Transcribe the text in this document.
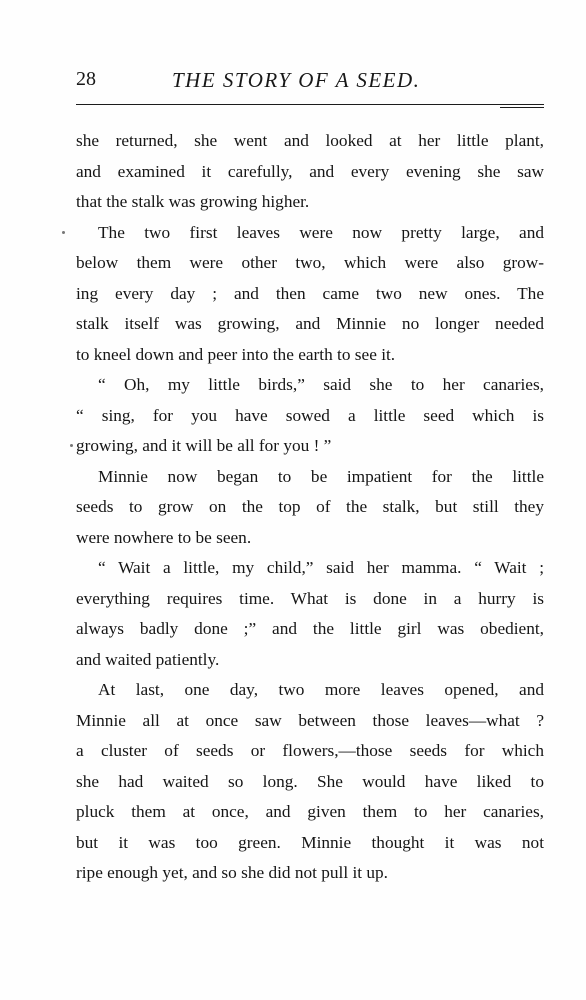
28	THE STORY OF A SEED.
she returned, she went and looked at her little plant,
and examined it carefully, and every evening she saw
that the stalk was growing higher.
The two first leaves were now pretty large, and
below them were other two, which were also grow-
ing every day ; and then came two new ones. The
stalk itself was growing, and Minnie no longer needed
to kneel down and peer into the earth to see it.
“ Oh, my little birds,” said she to her canaries,
“ sing, for you have sowed a little seed which is
growing, and it will be all for you ! ”
Minnie now began to be impatient for the little
seeds to grow on the top of the stalk, but still they
were nowhere to be seen.
“ Wait a little, my child,” said her mamma. “ Wait ;
everything requires time. What is done in a hurry is
always badly done ;” and the little girl was obedient,
and waited patiently.
At last, one day, two more leaves opened, and
Minnie all at once saw between those leaves—what ?
a cluster of seeds or flowers,—those seeds for which
she had waited so long. She would have liked to
pluck them at once, and given them to her canaries,
but it was too green. Minnie thought it was not
ripe enough yet, and so she did not pull it up.
